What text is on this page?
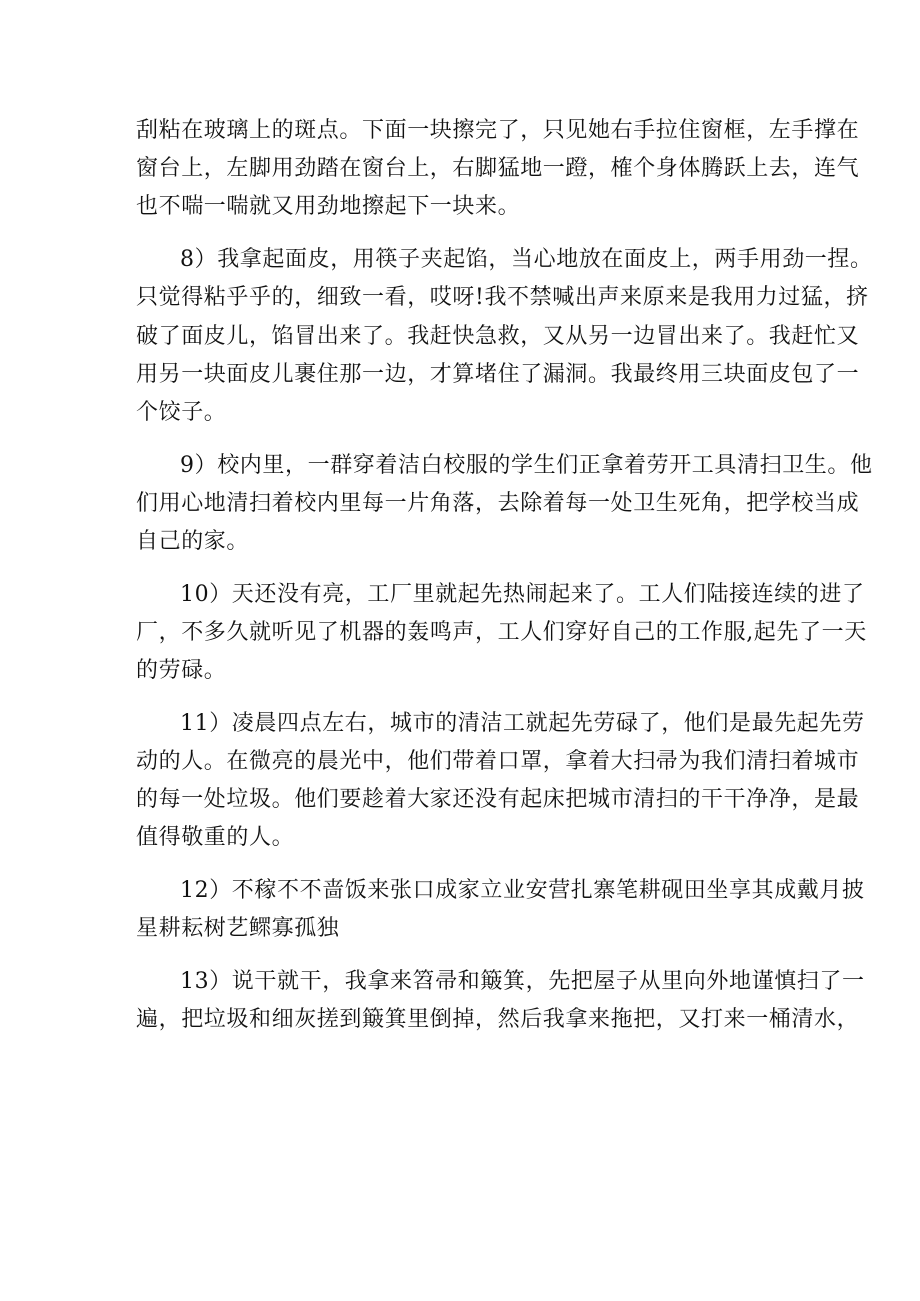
刮粘在玻璃上的斑点。下面一块擦完了，只见她右手拉住窗框，左手撑在
窗台上，左脚用劲踏在窗台上，右脚猛地一蹬，榷个身体腾跃上去，连气
也不喘一喘就又用劲地擦起下一块来。

8）我拿起面皮，用筷子夹起馅，当心地放在面皮上，两手用劲一捏。
只觉得粘乎乎的，细致一看，哎呀!我不禁喊出声来原来是我用力过猛，挤
破了面皮儿，馅冒出来了。我赶快急救，又从另一边冒出来了。我赶忙又
用另一块面皮儿裹住那一边，才算堵住了漏洞。我最终用三块面皮包了一
个饺子。

9）校内里，一群穿着洁白校服的学生们正拿着劳开工具清扫卫生。他
们用心地清扫着校内里每一片角落，去除着每一处卫生死角，把学校当成
自己的家。

10）天还没有亮，工厂里就起先热闹起来了。工人们陆接连续的进了
厂，不多久就听见了机器的轰鸣声，工人们穿好自己的工作服,起先了一天
的劳碌。

11）凌晨四点左右，城市的清洁工就起先劳碌了，他们是最先起先劳
动的人。在微亮的晨光中，他们带着口罩，拿着大扫帚为我们清扫着城市
的每一处垃圾。他们要趁着大家还没有起床把城市清扫的干干净净，是最
值得敬重的人。

12）不稼不不啬饭来张口成家立业安营扎寨笔耕砚田坐享其成戴月披
星耕耘树艺鳏寡孤独

13）说干就干，我拿来笤帚和簸箕，先把屋子从里向外地谨慎扫了一
遍，把垃圾和细灰搓到簸箕里倒掉，然后我拿来拖把，又打来一桶清水，
